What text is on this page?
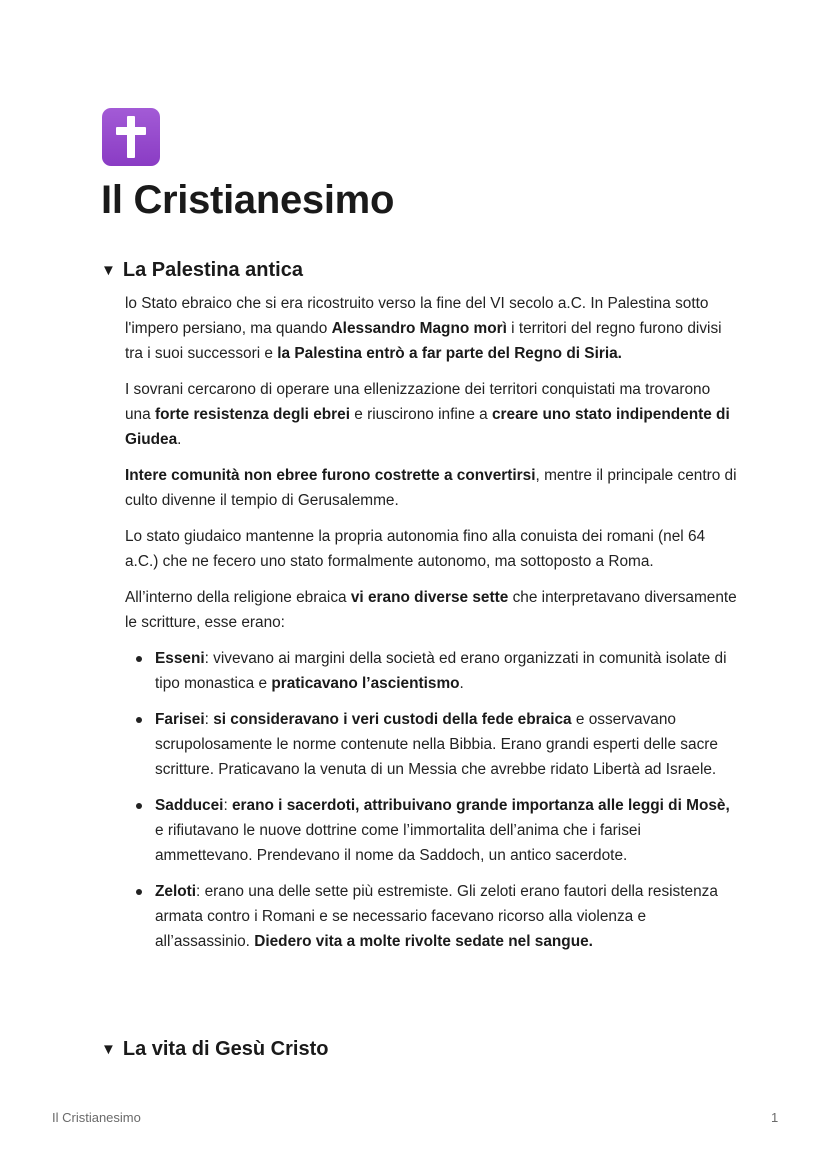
Il Cristianesimo
▼ La Palestina antica

lo Stato ebraico che si era ricostruito verso la fine del VI secolo a.C. In Palestina sotto l'impero persiano, ma quando Alessandro Magno morì i territori del regno furono divisi tra i suoi successori e la Palestina entrò a far parte del Regno di Siria.

I sovrani cercarono di operare una ellenizzazione dei territori conquistati ma trovarono una forte resistenza degli ebrei e riuscirono infine a creare uno stato indipendente di Giudea.

Intere comunità non ebree furono costrette a convertirsi, mentre il principale centro di culto divenne il tempio di Gerusalemme.

Lo stato giudaico mantenne la propria autonomia fino alla conuista dei romani (nel 64 a.C.) che ne fecero uno stato formalmente autonomo, ma sottoposto a Roma.

All’interno della religione ebraica vi erano diverse sette che interpretavano diversamente le scritture, esse erano:

Esseni: vivevano ai margini della società ed erano organizzati in comunità isolate di tipo monastica e praticavano l’ascientismo.
Farisei: si consideravano i veri custodi della fede ebraica e osservavano scrupolosamente le norme contenute nella Bibbia. Erano grandi esperti delle sacre scritture. Praticavano la venuta di un Messia che avrebbe ridato Libertà ad Israele.
Sadducei: erano i sacerdoti, attribuivano grande importanza alle leggi di Mosè, e rifiutavano le nuove dottrine come l’immortalita dell’anima che i farisei ammettevano. Prendevano il nome da Saddoch, un antico sacerdote.
Zeloti: erano una delle sette più estremiste. Gli zeloti erano fautori della resistenza armata contro i Romani e se necessario facevano ricorso alla violenza e all’assassinio. Diedero vita a molte rivolte sedate nel sangue.
▼ La vita di Gesù Cristo
Il Cristianesimo	1
